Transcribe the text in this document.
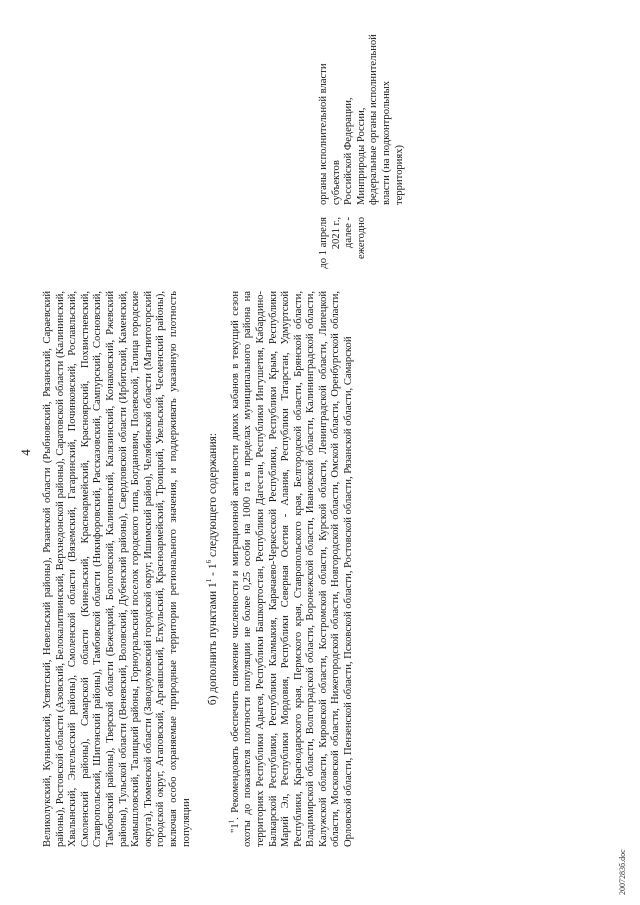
4 Великолукский, Куньинский, Усвятский, Невельский районы), Рязанской области (Рыбновский, Рязанский, Сараевский районы), Ростовской области (Азовский, Белокалитвинский, Верхнедонской районы), Саратовской области (Калининский, Хвалынский, Энгельсский районы), Смоленской области (Вяземский, Гагаринский, Починковский, Рославльский, Смоленский районы), Самарской области (Кинельский, Красноармейский, Красноярский, Похвистневский, Ставропольский, Шигонский районы), Тамбовской области (Никифоровский, Рассказовский, Сампурский, Сосновский, Тамбовский районы), Тверской области (Бежецкий, Бологовский, Калининский, Калязинский, Конаковский, Ржевский районы), Тульской области (Веневский, Воловский, Дубенский районы), Свердловской области (Ирбитский, Каменский, Камышловский, Талицкий районы, Горноуральский поселок городского типа, Богданович, Полевской, Талица городские округа), Тюменской области (Заводоуковский городской округ, Ишимский район), Челябинской области (Магнитогорский городской округ, Агаповский, Аргаяшский, Еткульский, Красноармейский, Троицкий, Увельский, Чесменский районы), включая особо охраняемые природные территории регионального значения, и поддерживать указанную плотность популяции

б) дополнить пунктами $1^1 - 1^6$ следующего содержания:

"$1^1$. Рекомендовать обеспечить снижение численности и миграционной активности диких кабанов в текущий сезон охоты до показателя плотности популяции не более 0,25 особи на 1000 га в пределах муниципального района на территориях Республики Адыгея, Республики Башкортостан, Республики Дагестан, Республики Ингушетия, Кабардино-Балкарской Республики, Республики Калмыкия, Карачаево-Черкесской Республики, Республики Крым, Республики Марий Эл, Республики Мордовия, Республики Северная Осетия - Алания, Республики Татарстан, Удмуртской Республики, Краснодарского края, Пермского края, Ставропольского края, Белгородской области, Брянской области, Владимирской области, Волгоградской области, Воронежской области, Ивановской области, Калининградской области, Калужской области, Кировской области, Костромской области, Курской области, Ленинградской области, Липецкой области, Московской области, Нижегородской области, Новгородской области, Омской области, Оренбургской области, Орловской области, Пензенской области, Псковской области, Ростовской области, Рязанской области, Самарской

до 1 апреля 2021 г., далее - ежегодно
органы исполнительной власти субъектов Российской Федерации, Минприроды России, федеральные органы исполнительной власти (на подконтрольных территориях)
2007283б.doc
